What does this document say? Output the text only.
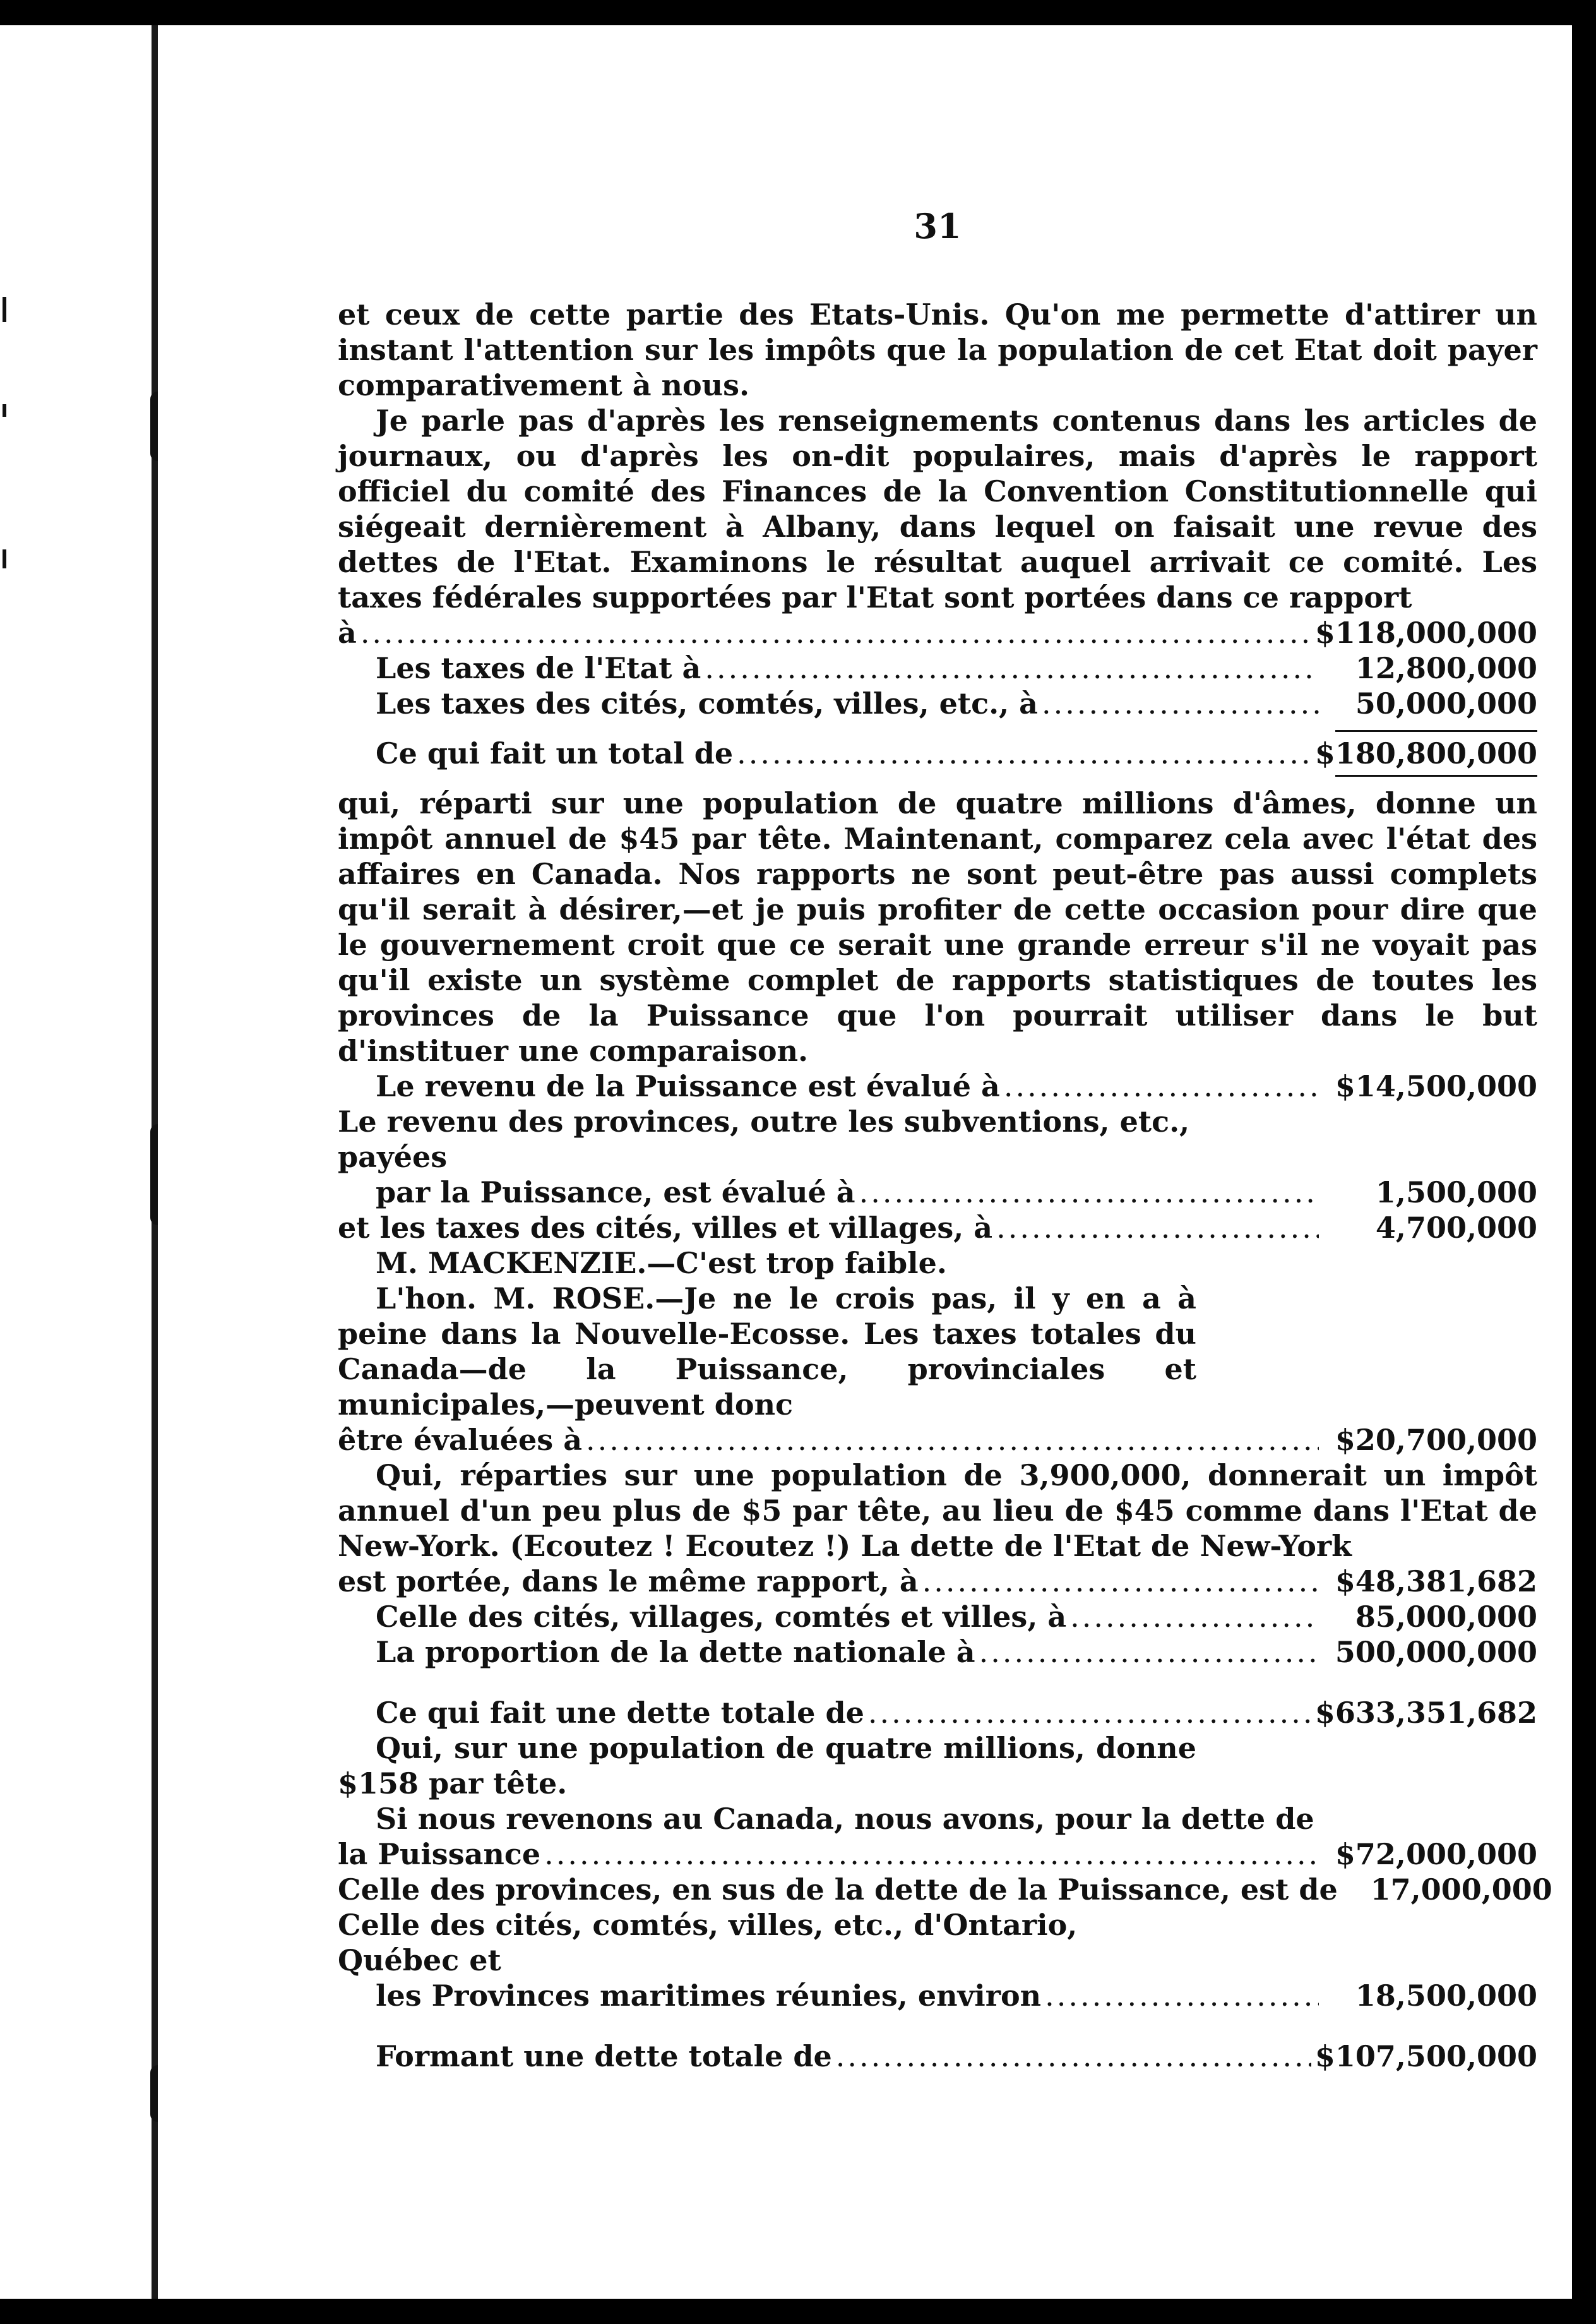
31

et ceux de cette partie des Etats-Unis. Qu'on me permette d'attirer un instant l'attention sur les impôts que la population de cet Etat doit payer comparativement à nous.

Je parle pas d'après les renseignements contenus dans les articles de journaux, ou d'après les on-dit populaires, mais d'après le rapport officiel du comité des Finances de la Convention Constitutionnelle qui siégeait dernièrement à Albany, dans lequel on faisait une revue des dettes de l'Etat. Examinons le résultat auquel arrivait ce comité. Les taxes fédérales supportées par l'Etat sont portées dans ce rapport

à .....	$118,000,000
Les taxes de l'Etat à .....	12,800,000
Les taxes des cités, comtés, villes, etc., à .....	50,000,000
Ce qui fait un total de .....	$180,800,000

qui, réparti sur une population de quatre millions d'âmes, donne un impôt annuel de $45 par tête. Maintenant, comparez cela avec l'état des affaires en Canada. Nos rapports ne sont peut-être pas aussi complets qu'il serait à désirer,—et je puis profiter de cette occasion pour dire que le gouvernement croit que ce serait une grande erreur s'il ne voyait pas qu'il existe un système complet de rapports statistiques de toutes les provinces de la Puissance que l'on pourrait utiliser dans le but d'instituer une comparaison.

Le revenu de la Puissance est évalué à .....	$14,500,000
Le revenu des provinces, outre les subventions, etc., payées
par la Puissance, est évalué à .....	1,500,000
et les taxes des cités, villes et villages, à .....	4,700,000

M. MACKENZIE.—C'est trop faible.

L'hon. M. ROSE.—Je ne le crois pas, il y en a à peine dans la Nouvelle-Ecosse. Les taxes totales du Canada—de la Puissance, provinciales et municipales,—peuvent donc

être évaluées à .....	$20,700,000

Qui, réparties sur une population de 3,900,000, donnerait un impôt annuel d'un peu plus de $5 par tête, au lieu de $45 comme dans l'Etat de New-York. (Ecoutez ! Ecoutez !) La dette de l'Etat de New-York

est portée, dans le même rapport, à .....	$48,381,682
Celle des cités, villages, comtés et villes, à .....	85,000,000
La proportion de la dette nationale à .....	500,000,000
Ce qui fait une dette totale de .....	$633,351,682

Qui, sur une population de quatre millions, donne $158 par tête.

Si nous revenons au Canada, nous avons, pour la dette de

la Puissance .....	$72,000,000
Celle des provinces, en sus de la dette de la Puissance, est de	17,000,000
Celle des cités, comtés, villes, etc., d'Ontario, Québec et
les Provinces maritimes réunies, environ .....	18,500,000
Formant une dette totale de .....	$107,500,000
